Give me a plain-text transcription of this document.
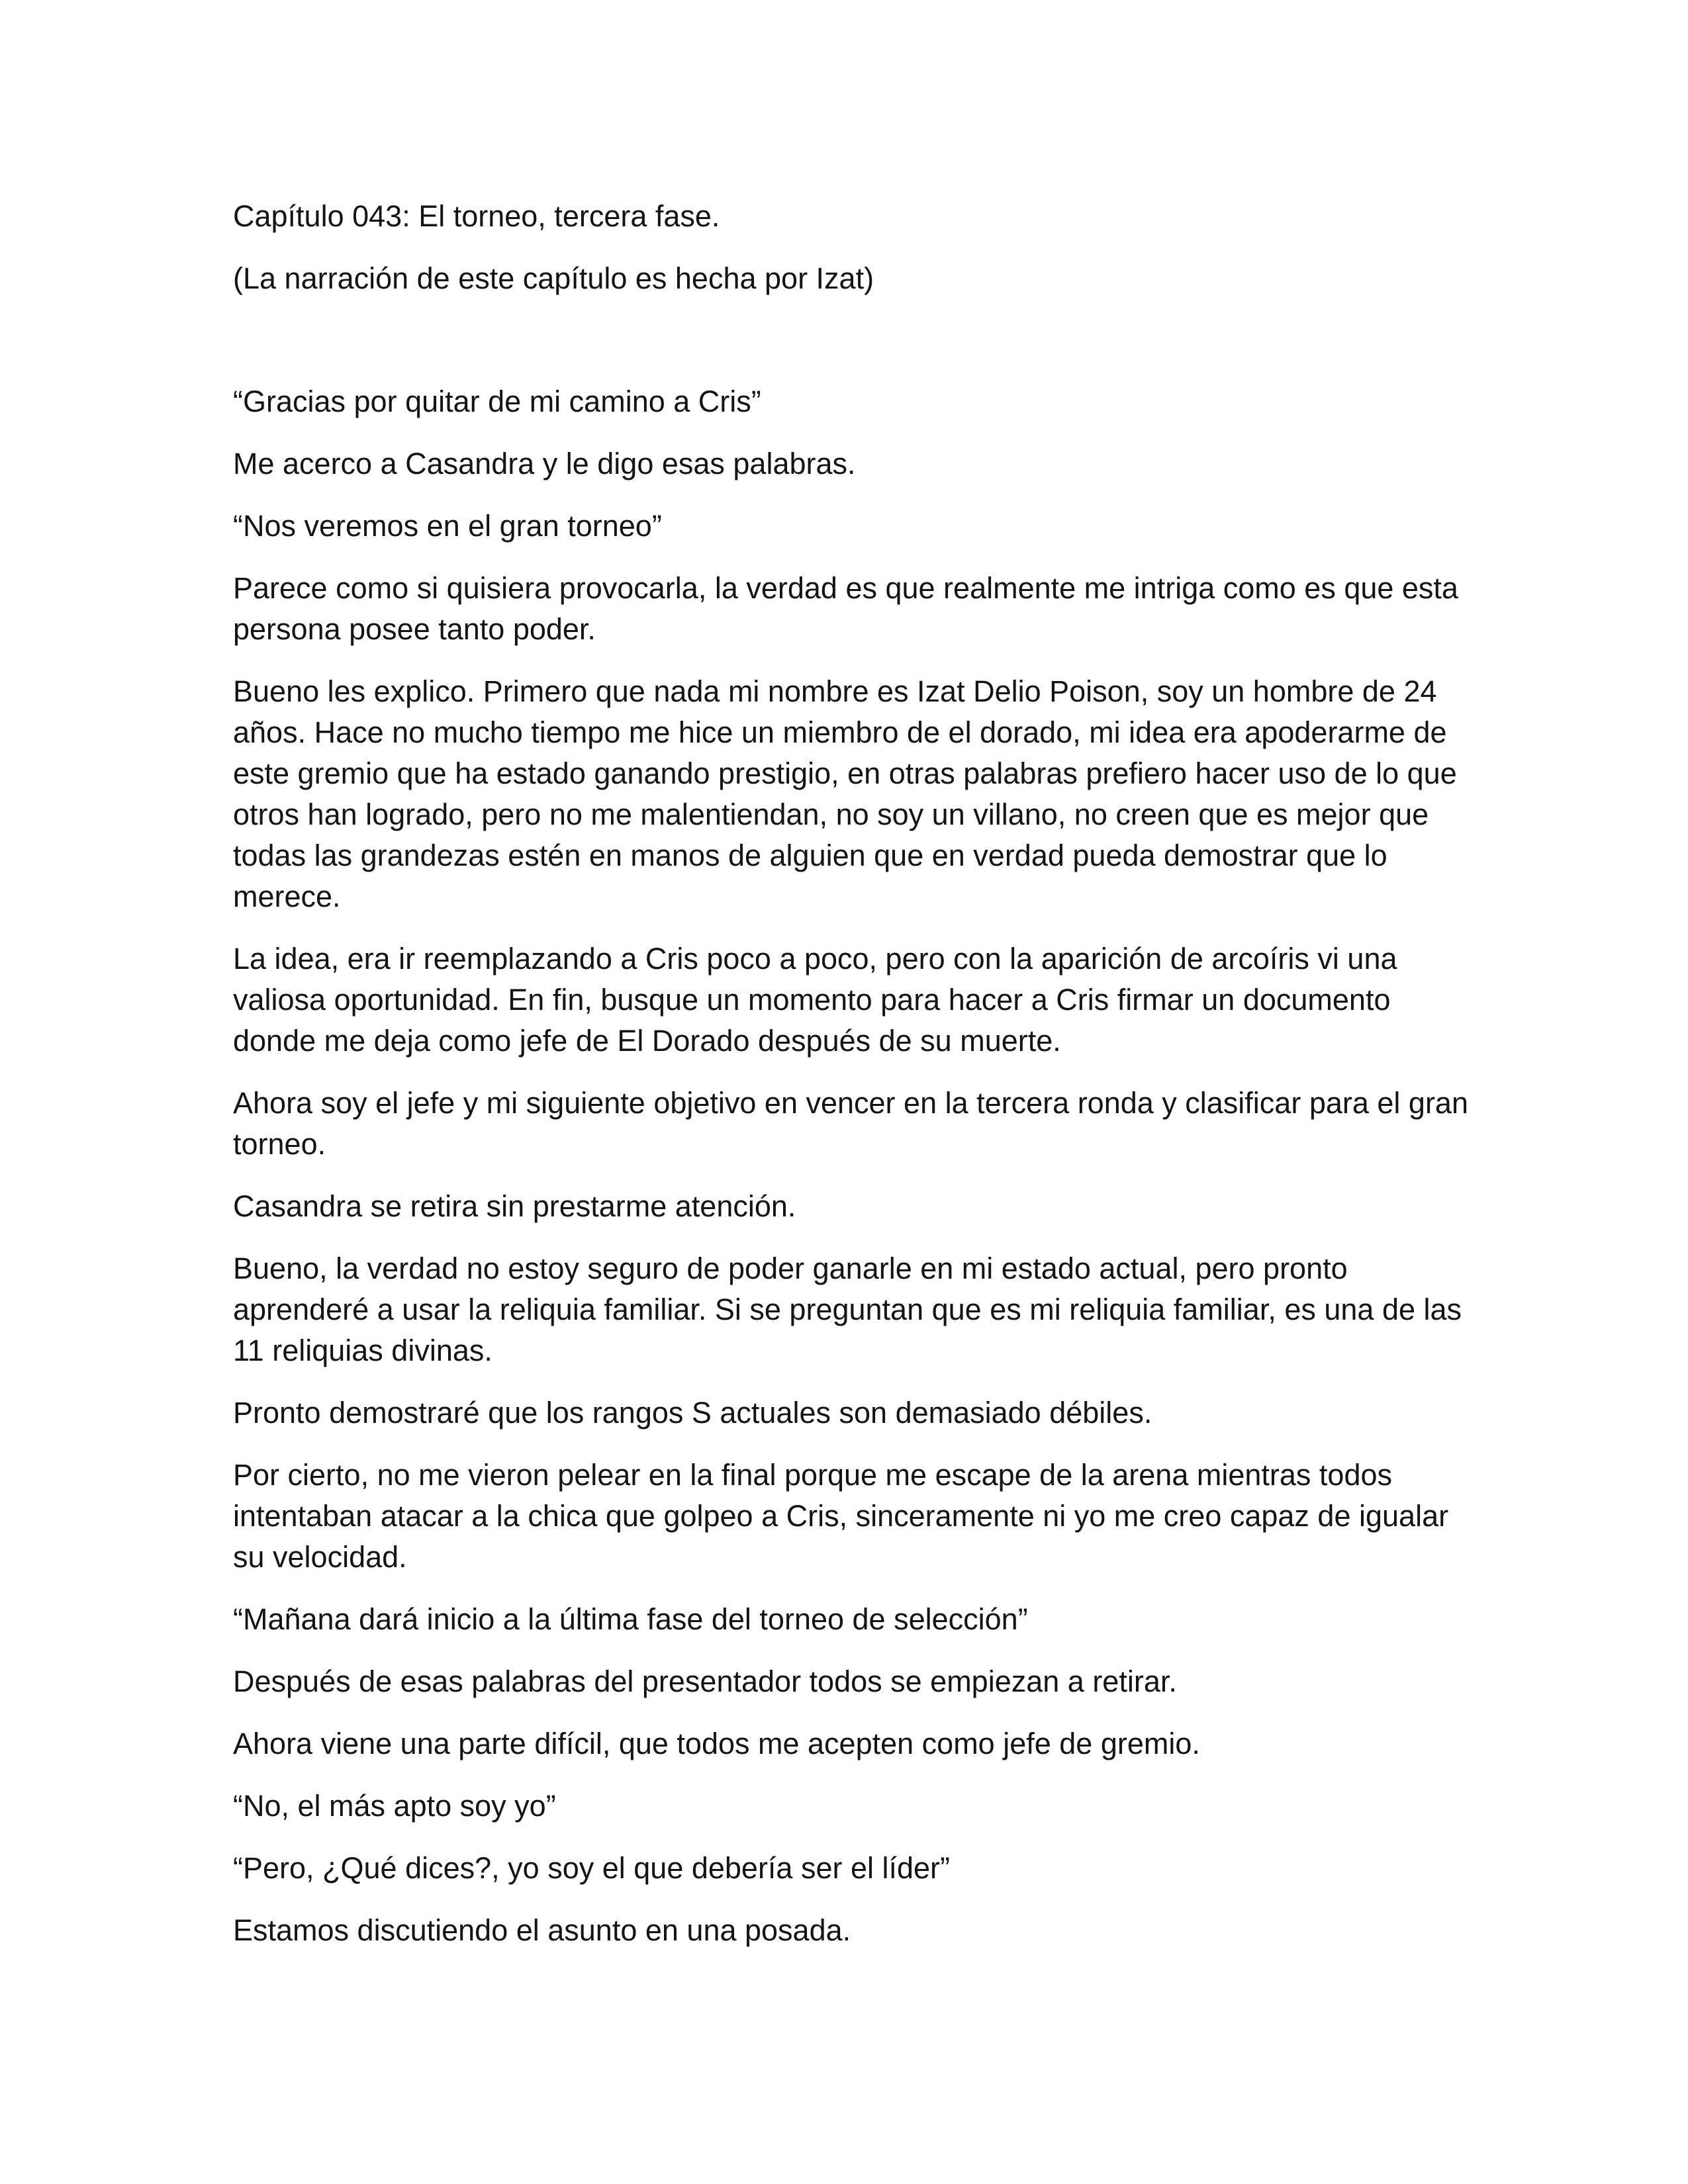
Capítulo 043: El torneo, tercera fase.

(La narración de este capítulo es hecha por Izat)

“Gracias por quitar de mi camino a Cris”

Me acerco a Casandra y le digo esas palabras.

“Nos veremos en el gran torneo”

Parece como si quisiera provocarla, la verdad es que realmente me intriga como es que esta persona posee tanto poder.

Bueno les explico. Primero que nada mi nombre es Izat Delio Poison, soy un hombre de 24 años. Hace no mucho tiempo me hice un miembro de el dorado, mi idea era apoderarme de este gremio que ha estado ganando prestigio, en otras palabras prefiero hacer uso de lo que otros han logrado, pero no me malentiendan, no soy un villano, no creen que es mejor que todas las grandezas estén en manos de alguien que en verdad pueda demostrar que lo merece.

La idea, era ir reemplazando a Cris poco a poco, pero con la aparición de arcoíris vi una valiosa oportunidad. En fin, busque un momento para hacer a Cris firmar un documento donde me deja como jefe de El Dorado después de su muerte.

Ahora soy el jefe y mi siguiente objetivo en vencer en la tercera ronda y clasificar para el gran torneo.

Casandra se retira sin prestarme atención.

Bueno, la verdad no estoy seguro de poder ganarle en mi estado actual, pero pronto aprenderé a usar la reliquia familiar. Si se preguntan que es mi reliquia familiar, es una de las 11 reliquias divinas.

Pronto demostraré que los rangos S actuales son demasiado débiles.

Por cierto, no me vieron pelear en la final porque me escape de la arena mientras todos intentaban atacar a la chica que golpeo a Cris, sinceramente ni yo me creo capaz de igualar su velocidad.

“Mañana dará inicio a la última fase del torneo de selección”

Después de esas palabras del presentador todos se empiezan a retirar.

Ahora viene una parte difícil, que todos me acepten como jefe de gremio.

“No, el más apto soy yo”

“Pero, ¿Qué dices?, yo soy el que debería ser el líder”

Estamos discutiendo el asunto en una posada.
